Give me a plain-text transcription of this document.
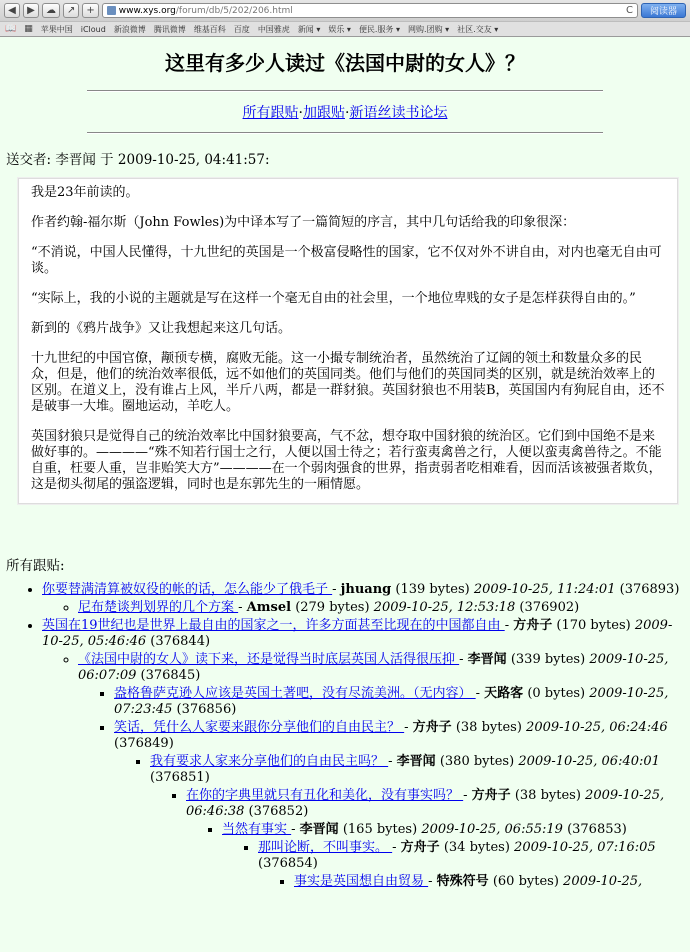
◀ ▶ ☁ ↗ +	www.xys.org /forum/db/5/202/206.html	C	阅读器
📖 ▦ 苹果中国 iCloud 新浪微博 腾讯微博 维基百科 百度 中国雅虎 新闻 ▾ 娱乐 ▾ 便民.服务 ▾ 网购.团购 ▾ 社区.交友 ▾
这里有多少人读过《法国中尉的女人》？
所有跟贴·加跟贴·新语丝读书论坛
送交者: 李晋闻 于 2009-10-25, 04:41:57:

我是23年前读的。

作者约翰-福尔斯（John Fowles)为中译本写了一篇简短的序言，其中几句话给我的印象很深：

“不消说，中国人民懂得，十九世纪的英国是一个极富侵略性的国家，它不仅对外不讲自由，对内也毫无自由可谈。

“实际上，我的小说的主题就是写在这样一个毫无自由的社会里，一个地位卑贱的女子是怎样获得自由的。”

新到的《鸦片战争》又让我想起来这几句话。

十九世纪的中国官僚，颟顸专横，腐败无能。这一小撮专制统治者，虽然统治了辽阔的领土和数量众多的民众，但是，他们的统治效率很低，远不如他们的英国同类。他们与他们的英国同类的区别，就是统治效率上的区别。在道义上，没有谁占上风，半斤八两，都是一群豺狼。英国豺狼也不用装B，英国国内有狗屁自由，还不是破事一大堆。圈地运动，羊吃人。

英国豺狼只是觉得自己的统治效率比中国豺狼要高，气不忿，想夺取中国豺狼的统治区。它们到中国绝不是来做好事的。————“殊不知若行国士之行，人便以国士待之；若行蛮夷禽兽之行，人便以蛮夷禽兽待之。不能自重，枉要人重，岂非贻笑大方”————在一个弱肉强食的世界，指责弱者吃相难看，因而活该被强者欺负，这是彻头彻尾的强盗逻辑，同时也是东郭先生的一厢情愿。

所有跟贴:
• 你要替满清算被奴役的帐的话，怎么能少了俄毛子 - jhuang (139 bytes) 2009-10-25, 11:24:01 (376893)
◦ 尼布楚谈判划界的几个方案 - Amsel (279 bytes) 2009-10-25, 12:53:18 (376902)
• 英国在19世纪也是世界上最自由的国家之一，许多方面甚至比现在的中国都自由 - 方舟子 (170 bytes) 2009-10-25, 05:46:46 (376844)
◦ 《法国中尉的女人》读下来，还是觉得当时底层英国人活得很压抑 - 李晋闻 (339 bytes) 2009-10-25, 06:07:09 (376845)
▪ 盎格鲁萨克逊人应该是英国土著吧，没有尽流美洲。（无内容） - 天路客 (0 bytes) 2009-10-25, 07:23:45 (376856)
▪ 笑话，凭什么人家要来跟你分享他们的自由民主？ - 方舟子 (38 bytes) 2009-10-25, 06:24:46 (376849)
▪ 我有要求人家来分享他们的自由民主吗？ - 李晋闻 (380 bytes) 2009-10-25, 06:40:01 (376851)
▪ 在你的字典里就只有丑化和美化，没有事实吗？ - 方舟子 (38 bytes) 2009-10-25, 06:46:38 (376852)
▪ 当然有事实 - 李晋闻 (165 bytes) 2009-10-25, 06:55:19 (376853)
▪ 那叫论断，不叫事实。 - 方舟子 (34 bytes) 2009-10-25, 07:16:05 (376854)
▪ 事实是英国想自由贸易 - 特殊符号 (60 bytes) 2009-10-25,
